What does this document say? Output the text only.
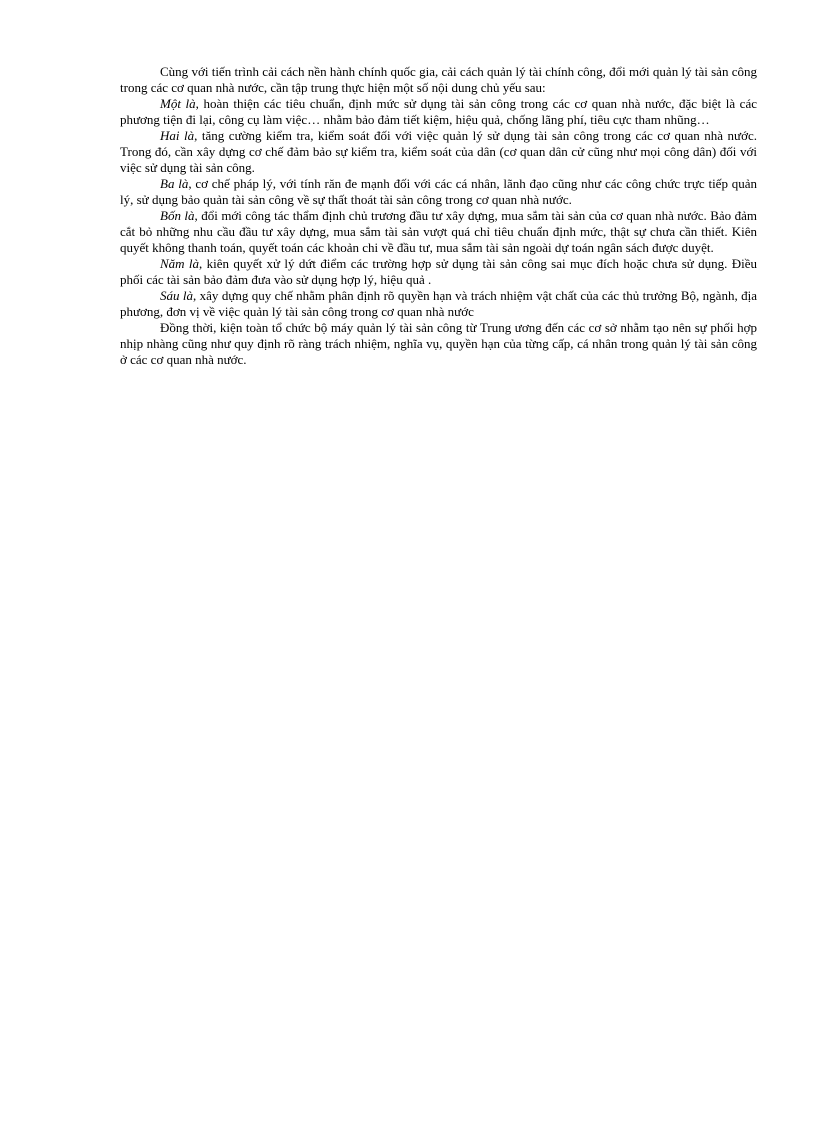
Cùng với tiến trình cải cách nền hành chính quốc gia, cải cách quản lý tài chính công, đổi mới quản lý tài sản công trong các cơ quan nhà nước, cần tập trung thực hiện một số nội dung chủ yếu sau:

Một là, hoàn thiện các tiêu chuẩn, định mức sử dụng tài sản công trong các cơ quan nhà nước, đặc biệt là các phương tiện đi lại, công cụ làm việc… nhằm bảo đảm tiết kiệm, hiệu quả, chống lãng phí, tiêu cực tham nhũng…

Hai là, tăng cường kiểm tra, kiểm soát đối với việc quản lý sử dụng tài sản công trong các cơ quan nhà nước. Trong đó, cần xây dựng cơ chế đảm bảo sự kiểm tra, kiểm soát của dân (cơ quan dân cử cũng như mọi công dân) đối với việc sử dụng tài sản công.

Ba là, cơ chế pháp lý, với tính răn đe mạnh đối với các cá nhân, lãnh đạo cũng như các công chức trực tiếp quản lý, sử dụng bảo quản tài sản công về sự thất thoát tài sản công trong cơ quan nhà nước.

Bốn là, đổi mới công tác thẩm định chủ trương đầu tư xây dựng, mua sắm tài sản của cơ quan nhà nước. Bảo đảm cắt bỏ những nhu cầu đầu tư xây dựng, mua sắm tài sản vượt quá chỉ tiêu chuẩn định mức, thật sự chưa cần thiết. Kiên quyết không thanh toán, quyết toán các khoản chi về đầu tư, mua sắm tài sản ngoài dự toán ngân sách được duyệt.

Năm là, kiên quyết xử lý dứt điểm các trường hợp sử dụng tài sản công sai mục đích hoặc chưa sử dụng. Điều phối các tài sản bảo đảm đưa vào sử dụng hợp lý, hiệu quả .

Sáu là, xây dựng quy chế nhằm phân định rõ quyền hạn và trách nhiệm vật chất của các thủ trưởng Bộ, ngành, địa phương, đơn vị về việc quản lý tài sản công trong cơ quan nhà nước

Đồng thời, kiện toàn tổ chức bộ máy quản lý tài sản công từ Trung ương đến các cơ sở nhằm tạo nên sự phối hợp nhịp nhàng cũng như quy định rõ ràng trách nhiệm, nghĩa vụ, quyền hạn của từng cấp, cá nhân trong quản lý tài sản công ở các cơ quan nhà nước.
